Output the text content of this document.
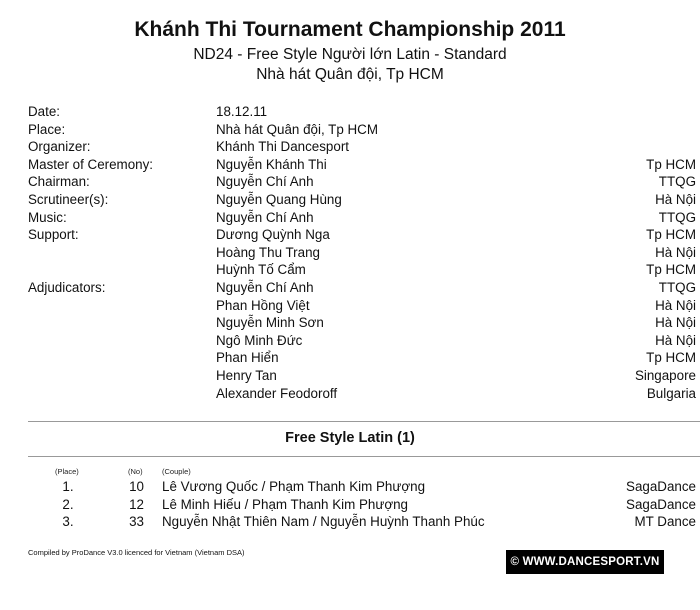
Khánh Thi Tournament Championship 2011
ND24 - Free Style Người lớn Latin - Standard
Nhà hát Quân đội, Tp HCM
Date:	18.12.11
Place:	Nhà hát Quân đội, Tp HCM
Organizer:	Khánh Thi Dancesport
Master of Ceremony:	Nguyễn Khánh Thi	Tp HCM
Chairman:	Nguyễn Chí Anh	TTQG
Scrutineer(s):	Nguyễn Quang Hùng	Hà Nội
Music:	Nguyễn Chí Anh	TTQG
Support:	Dương Quỳnh Nga	Tp HCM
Hoàng Thu Trang	Hà Nội
Huỳnh Tố Cẩm	Tp HCM
Adjudicators:	Nguyễn Chí Anh	TTQG
Phan Hồng Việt	Hà Nội
Nguyễn Minh Sơn	Hà Nội
Ngô Minh Đức	Hà Nội
Phan Hiển	Tp HCM
Henry Tan	Singapore
Alexander Feodoroff	Bulgaria
Free Style Latin (1)
(Place)	(No)	(Couple)
1.	10 Lê Vương Quốc / Phạm Thanh Kim Phượng	SagaDance
2.	12 Lê Minh Hiếu / Phạm Thanh Kim Phượng	SagaDance
3.	33 Nguyễn Nhật Thiên Nam / Nguyễn Huỳnh Thanh Phúc	MT Dance
Compiled by ProDance V3.0 licenced for Vietnam (Vietnam DSA)
© WWW.DANCESPORT.VN
